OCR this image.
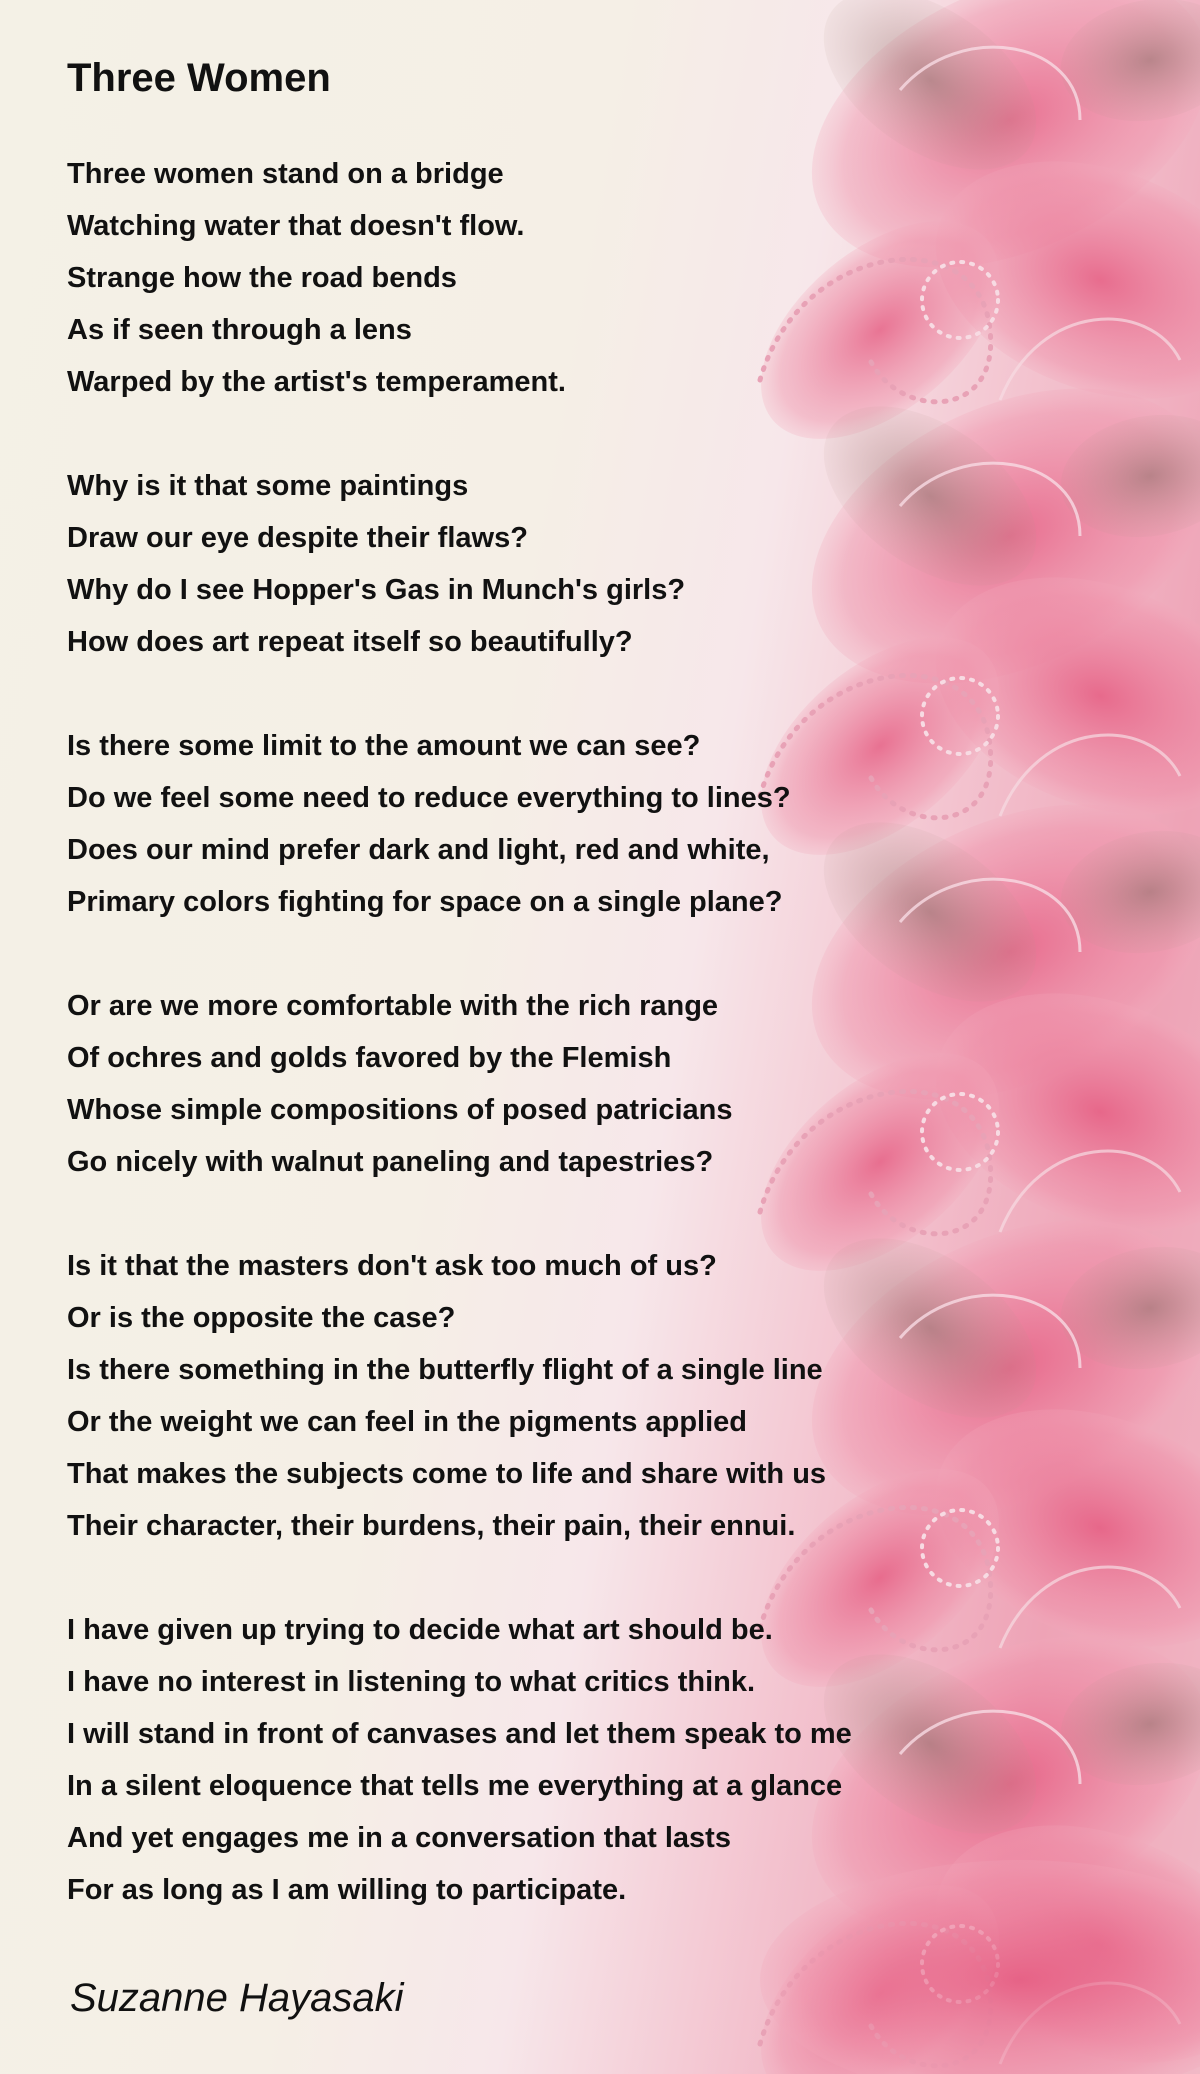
Three Women
Three women stand on a bridge
Watching water that doesn't flow.
Strange how the road bends
As if seen through a lens
Warped by the artist's temperament.
Why is it that some paintings
Draw our eye despite their flaws?
Why do I see Hopper's Gas in Munch's girls?
How does art repeat itself so beautifully?
Is there some limit to the amount we can see?
Do we feel some need to reduce everything to lines?
Does our mind prefer dark and light, red and white,
Primary colors fighting for space on a single plane?
Or are we more comfortable with the rich range
Of ochres and golds favored by the Flemish
Whose simple compositions of posed patricians
Go nicely with walnut paneling and tapestries?
Is it that the masters don't ask too much of us?
Or is the opposite the case?
Is there something in the butterfly flight of a single line
Or the weight we can feel in the pigments applied
That makes the subjects come to life and share with us
Their character, their burdens, their pain, their ennui.
I have given up trying to decide what art should be.
I have no interest in listening to what critics think.
I will stand in front of canvases and let them speak to me
In a silent eloquence that tells me everything at a glance
And yet engages me in a conversation that lasts
For as long as I am willing to participate.
Suzanne Hayasaki
